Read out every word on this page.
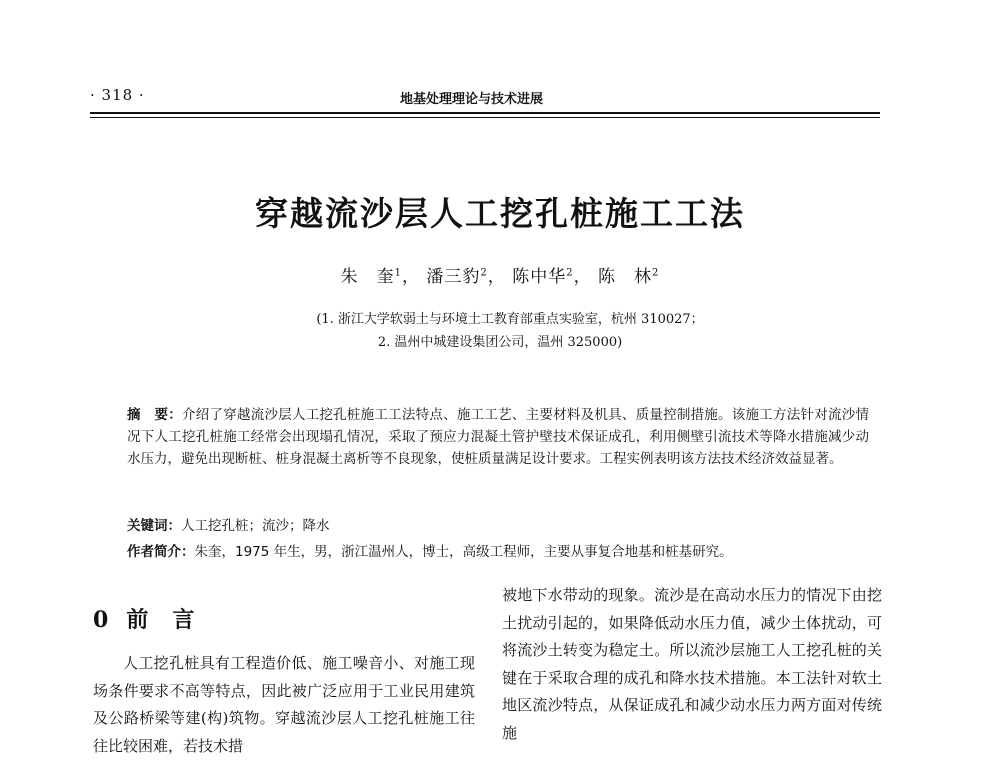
· 318 ·	地基处理理论与技术进展
穿越流沙层人工挖孔桩施工工法
朱　奎$^1$， 潘三豹$^2$， 陈中华$^2$， 陈　林$^2$
(1. 浙江大学软弱土与环境土工教育部重点实验室，杭州 310027；
2. 温州中城建设集团公司，温州 325000)
摘　要：介绍了穿越流沙层人工挖孔桩施工工法特点、施工工艺、主要材料及机具、质量控制措施。该施工方法针对流沙情况下人工挖孔桩施工经常会出现塌孔情况，采取了预应力混凝土管护壁技术保证成孔，利用侧壁引流技术等降水措施减少动水压力，避免出现断桩、桩身混凝土离析等不良现象，使桩质量满足设计要求。工程实例表明该方法技术经济效益显著。
关键词：人工挖孔桩；流沙；降水
作者简介：朱奎，1975 年生，男，浙江温州人，博士，高级工程师，主要从事复合地基和桩基研究。
0 前 言

人工挖孔桩具有工程造价低、施工噪音小、对施工现场条件要求不高等特点，因此被广泛应用于工业民用建筑及公路桥梁等建(构)筑物。穿越流沙层人工挖孔桩施工往往比较困难，若技术措

被地下水带动的现象。流沙是在高动水压力的情况下由挖土扰动引起的，如果降低动水压力值，减少土体扰动，可将流沙土转变为稳定土。所以流沙层施工人工挖孔桩的关键在于采取合理的成孔和降水技术措施。本工法针对软土地区流沙特点，从保证成孔和减少动水压力两方面对传统施
